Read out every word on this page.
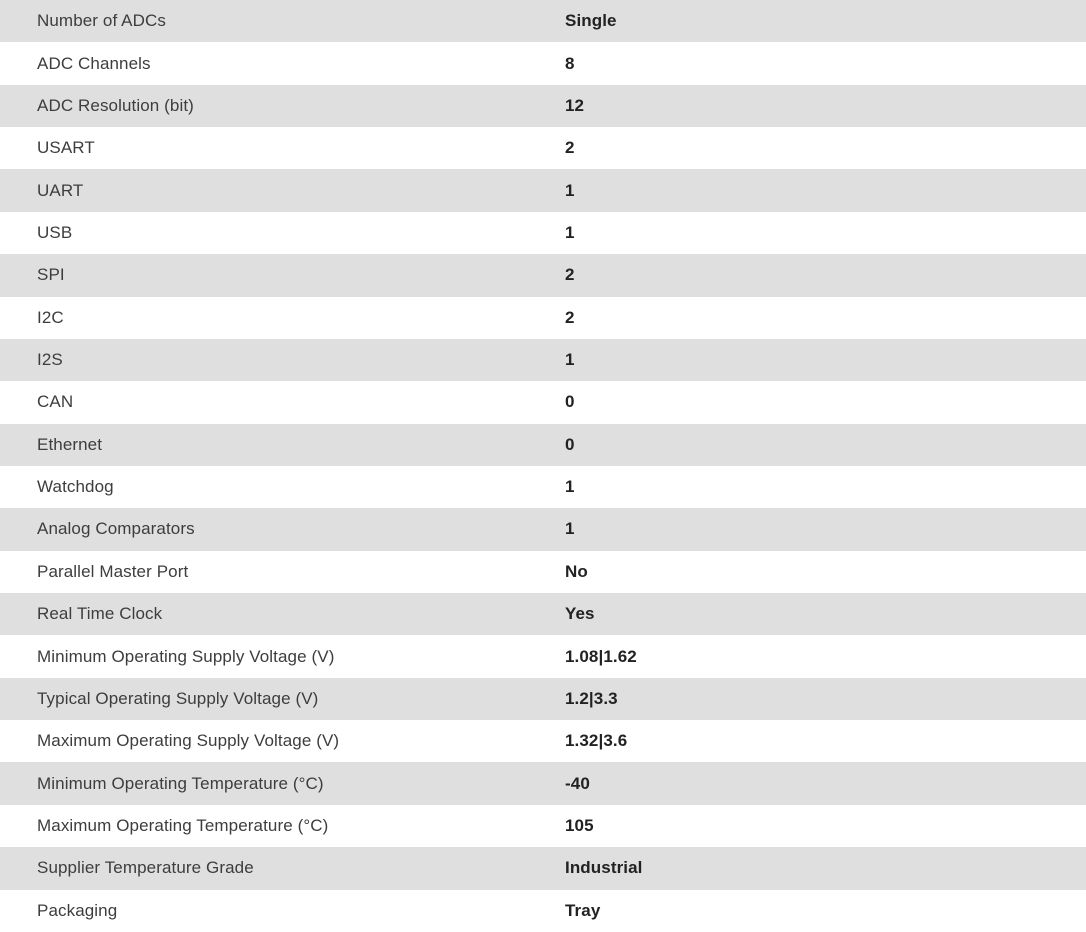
Number of ADCs	Single
ADC Channels	8
ADC Resolution (bit)	12
USART	2
UART	1
USB	1
SPI	2
I2C	2
I2S	1
CAN	0
Ethernet	0
Watchdog	1
Analog Comparators	1
Parallel Master Port	No
Real Time Clock	Yes
Minimum Operating Supply Voltage (V)	1.08|1.62
Typical Operating Supply Voltage (V)	1.2|3.3
Maximum Operating Supply Voltage (V)	1.32|3.6
Minimum Operating Temperature (°C)	-40
Maximum Operating Temperature (°C)	105
Supplier Temperature Grade	Industrial
Packaging	Tray
